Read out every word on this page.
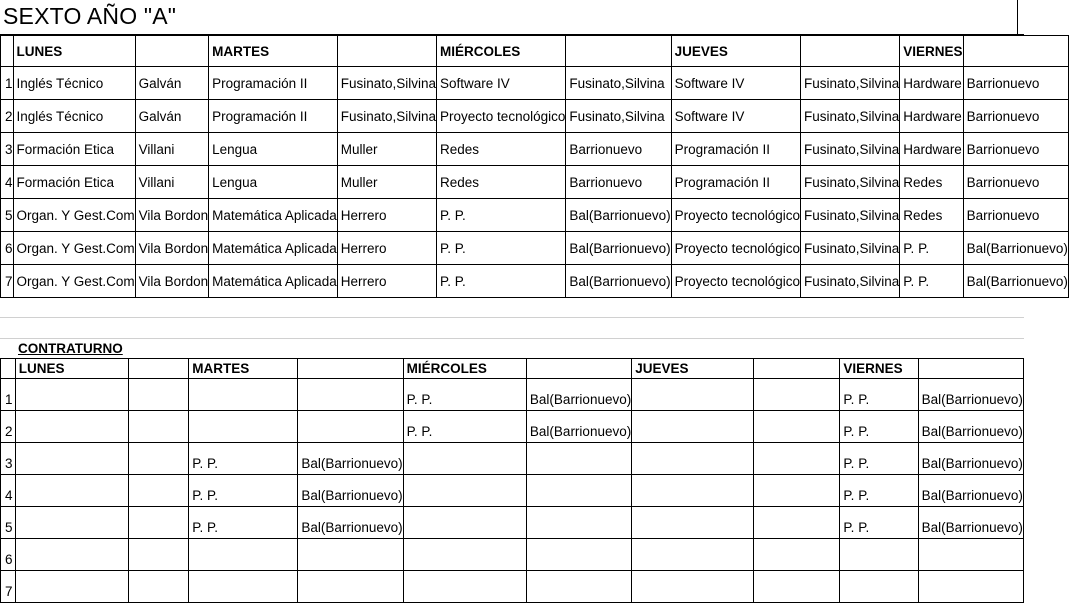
SEXTO AÑO "A"
	LUNES		MARTES		MIÉRCOLES		JUEVES		VIERNES	
1	Inglés Técnico	Galván	Programación II	Fusinato,Silvina	Software IV	Fusinato,Silvina	Software IV	Fusinato,Silvina	Hardware	Barrionuevo
2	Inglés Técnico	Galván	Programación II	Fusinato,Silvina	Proyecto tecnológico	Fusinato,Silvina	Software IV	Fusinato,Silvina	Hardware	Barrionuevo
3	Formación Etica	Villani	Lengua	Muller	Redes	Barrionuevo	Programación II	Fusinato,Silvina	Hardware	Barrionuevo
4	Formación Etica	Villani	Lengua	Muller	Redes	Barrionuevo	Programación II	Fusinato,Silvina	Redes	Barrionuevo
5	Organ. Y Gest.Com	Vila Bordon	Matemática Aplicada	Herrero	P. P.	Bal(Barrionuevo)	Proyecto tecnológico	Fusinato,Silvina	Redes	Barrionuevo
6	Organ. Y Gest.Com	Vila Bordon	Matemática Aplicada	Herrero	P. P.	Bal(Barrionuevo)	Proyecto tecnológico	Fusinato,Silvina	P. P.	Bal(Barrionuevo)
7	Organ. Y Gest.Com	Vila Bordon	Matemática Aplicada	Herrero	P. P.	Bal(Barrionuevo)	Proyecto tecnológico	Fusinato,Silvina	P. P.	Bal(Barrionuevo)
CONTRATURNO
	LUNES		MARTES		MIÉRCOLES		JUEVES		VIERNES	
1					P. P.	Bal(Barrionuevo)			P. P.	Bal(Barrionuevo)
2					P. P.	Bal(Barrionuevo)			P. P.	Bal(Barrionuevo)
3			P. P.	Bal(Barrionuevo)					P. P.	Bal(Barrionuevo)
4			P. P.	Bal(Barrionuevo)					P. P.	Bal(Barrionuevo)
5			P. P.	Bal(Barrionuevo)					P. P.	Bal(Barrionuevo)
6										
7										
